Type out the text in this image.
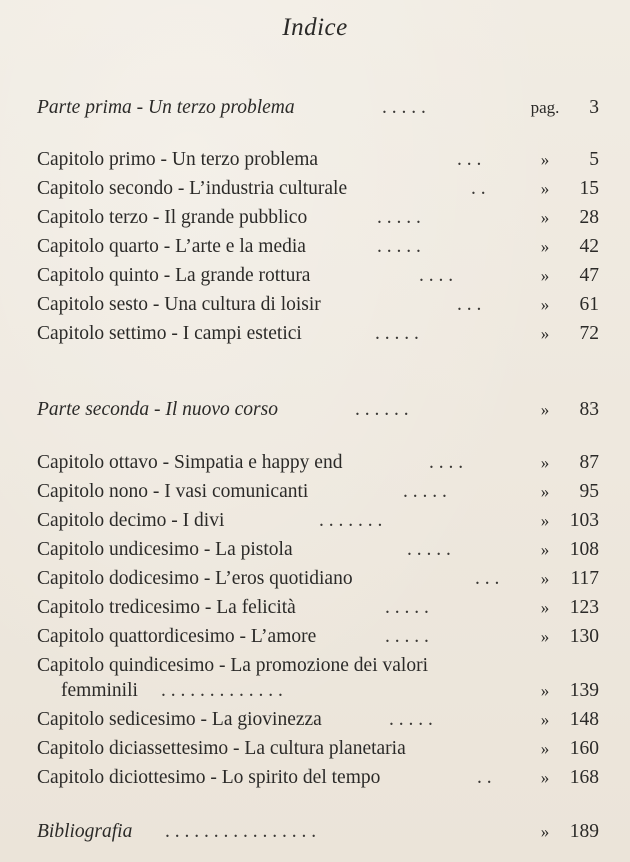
Indice
Parte prima - Un terzo problema	. . . . .	pag. 3
Capitolo primo - Un terzo problema	. . .	»	5
Capitolo secondo - L’industria culturale	. .	»	15
Capitolo terzo - Il grande pubblico	. . . . .	»	28
Capitolo quarto - L’arte e la media	. . . . .	»	42
Capitolo quinto - La grande rottura	. . . .	»	47
Capitolo sesto - Una cultura di loisir	. . .	»	61
Capitolo settimo - I campi estetici	. . . . .	»	72
Parte seconda - Il nuovo corso	. . . . . .	»	83
Capitolo ottavo - Simpatia e happy end	. . . .	»	87
Capitolo nono - I vasi comunicanti	. . . . .	»	95
Capitolo decimo - I divi	. . . . . . .	»	103
Capitolo undicesimo - La pistola	. . . . .	»	108
Capitolo dodicesimo - L’eros quotidiano	. . .	»	117
Capitolo tredicesimo - La felicità	. . . . .	»	123
Capitolo quattordicesimo - L’amore	. . . . .	»	130
Capitolo quindicesimo - La promozione dei valori
femminili . . . . . . . . . . . . .	»	139
Capitolo sedicesimo - La giovinezza	. . . . .	»	148
Capitolo diciassettesimo - La cultura planetaria	»	160
Capitolo diciottesimo - Lo spirito del tempo	. .	»	168
Bibliografia . . . . . . . . . . . . . . . .	»	189
